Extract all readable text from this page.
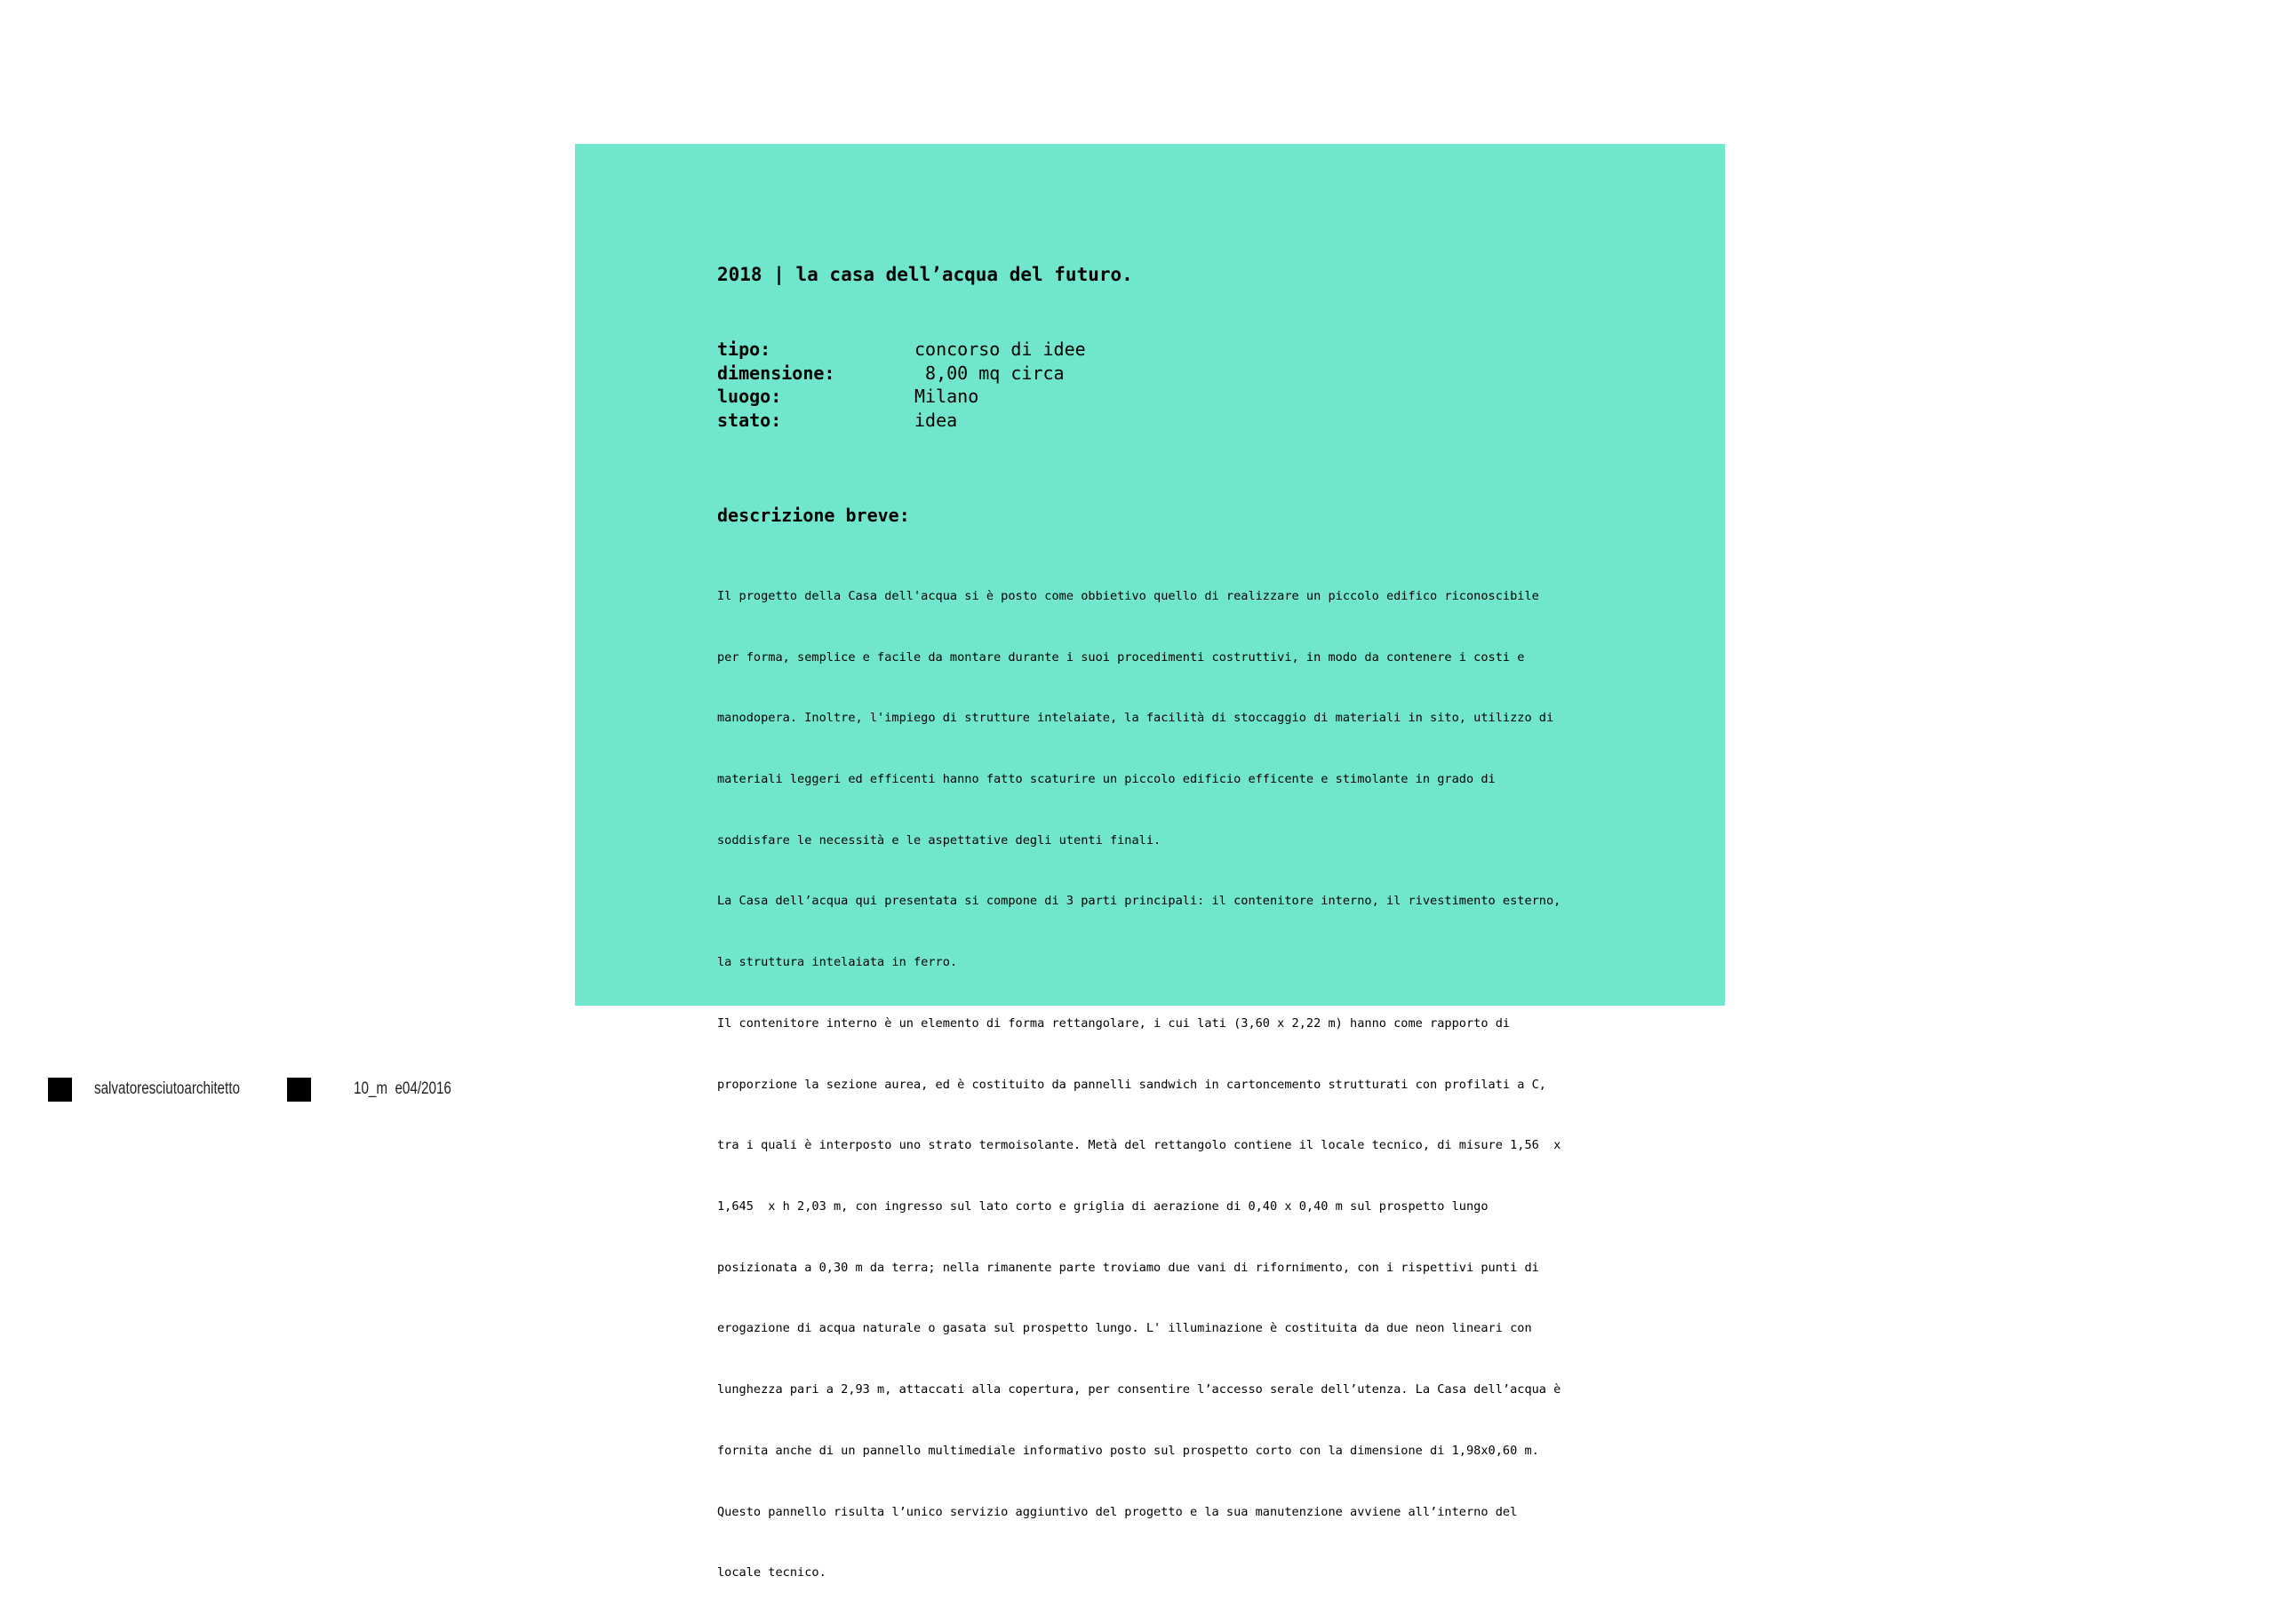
2018 | la casa dell’acqua del futuro.
tipo:	concorso di idee
dimensione:	8,00 mq circa
luogo:	Milano
stato:	idea
descrizione breve:

Il progetto della Casa dell'acqua si è posto come obbietivo quello di realizzare un piccolo edifico riconoscibile

per forma, semplice e facile da montare durante i suoi procedimenti costruttivi, in modo da contenere i costi e

manodopera. Inoltre, l'impiego di strutture intelaiate, la facilità di stoccaggio di materiali in sito, utilizzo di

materiali leggeri ed efficenti hanno fatto scaturire un piccolo edificio efficente e stimolante in grado di

soddisfare le necessità e le aspettative degli utenti finali.

La Casa dell’acqua qui presentata si compone di 3 parti principali: il contenitore interno, il rivestimento esterno,

la struttura intelaiata in ferro.

Il contenitore interno è un elemento di forma rettangolare, i cui lati (3,60 x 2,22 m) hanno come rapporto di

proporzione la sezione aurea, ed è costituito da pannelli sandwich in cartoncemento strutturati con profilati a C,

tra i quali è interposto uno strato termoisolante. Metà del rettangolo contiene il locale tecnico, di misure 1,56  x

1,645  x h 2,03 m, con ingresso sul lato corto e griglia di aerazione di 0,40 x 0,40 m sul prospetto lungo

posizionata a 0,30 m da terra; nella rimanente parte troviamo due vani di rifornimento, con i rispettivi punti di

erogazione di acqua naturale o gasata sul prospetto lungo. L' illuminazione è costituita da due neon lineari con

lunghezza pari a 2,93 m, attaccati alla copertura, per consentire l’accesso serale dell’utenza. La Casa dell’acqua è

fornita anche di un pannello multimediale informativo posto sul prospetto corto con la dimensione di 1,98x0,60 m.

Questo pannello risulta l’unico servizio aggiuntivo del progetto e la sua manutenzione avviene all’interno del

locale tecnico.

salvatoresciutoarchitetto	10_m  e04/2016
